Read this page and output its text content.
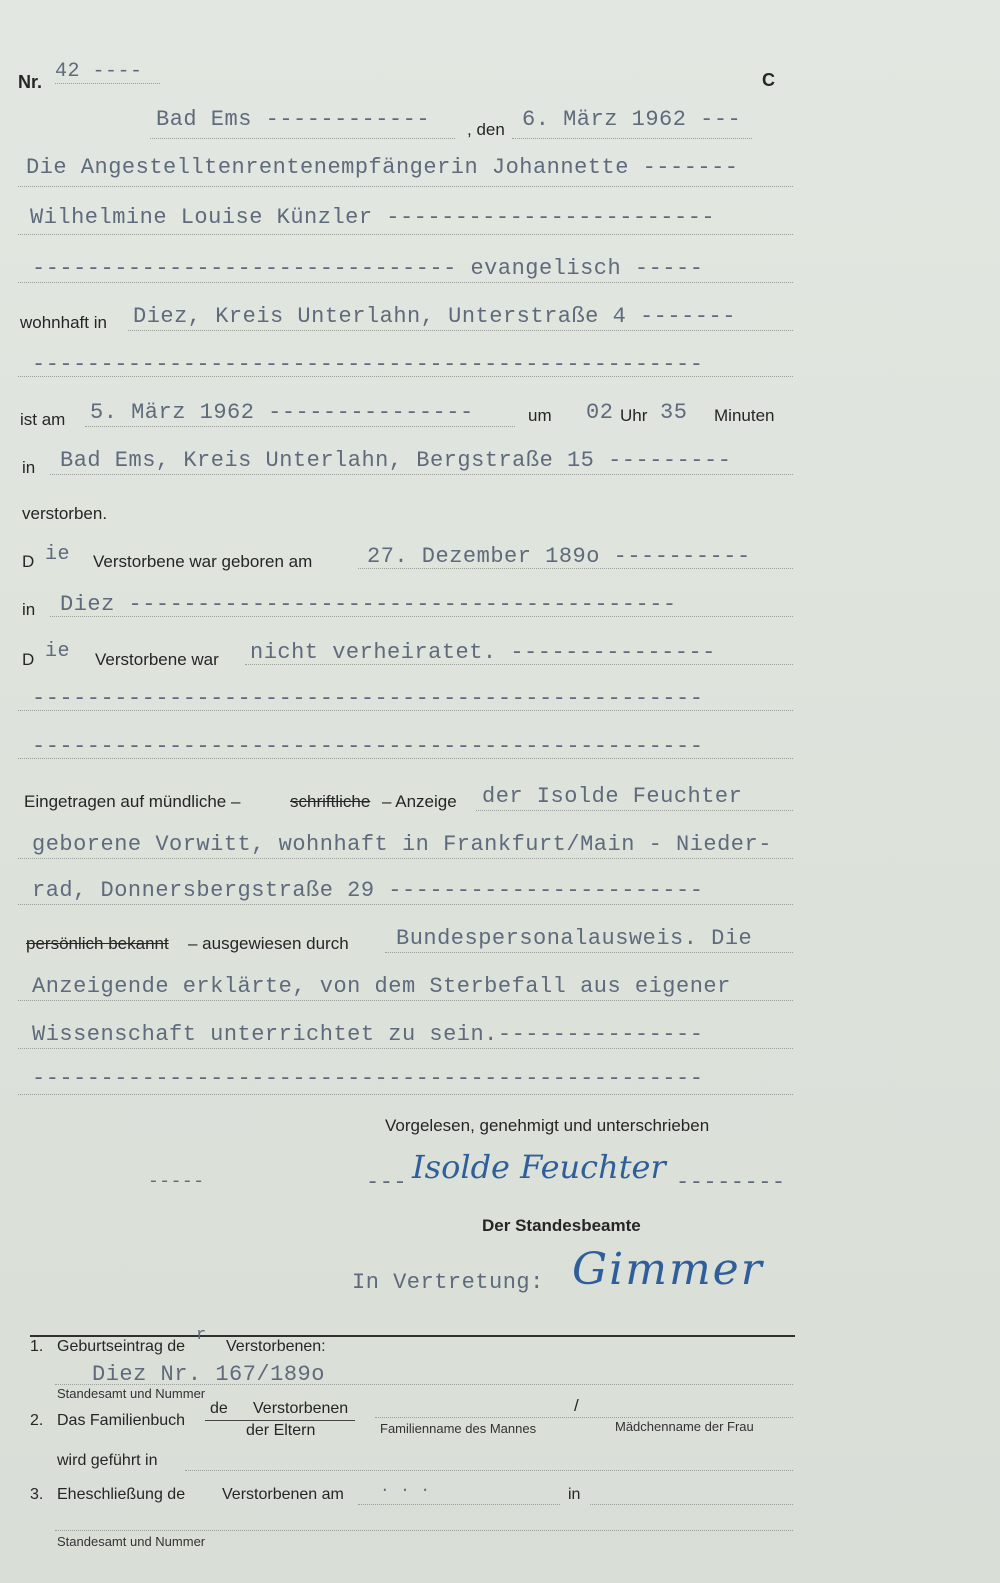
Nr. 42 ----	C
Bad Ems ------------ , den 6. März 1962 ---
Die Angestelltenrentenempfängerin Johannette -------
Wilhelmine Louise Künzler ------------------------
------------------------------- evangelisch -----
wohnhaft in Diez, Kreis Unterlahn, Unterstraße 4 -------
-------------------------------------------------
ist am 5. März 1962 ---------------	um 02 Uhr 35 Minuten
in Bad Ems, Kreis Unterlahn, Bergstraße 15 ---------
verstorben.
D ie Verstorbene war geboren am 27. Dezember 189o ----------
in Diez ----------------------------------------
D ie Verstorbene war nicht verheiratet. ---------------
-------------------------------------------------
-------------------------------------------------
Eingetragen auf mündliche –	schriftliche – Anzeige der Isolde Feuchter
geborene Vorwitt, wohnhaft in Frankfurt/Main - Nieder-
rad, Donnersbergstraße 29 -----------------------
persönlich bekannt – ausgewiesen durch Bundespersonalausweis. Die
Anzeigende erklärte, von dem Sterbefall aus eigener
Wissenschaft unterrichtet zu sein.---------------
-------------------------------------------------
Vorgelesen, genehmigt und unterschrieben
-----	--- Isolde Feuchter --------
Der Standesbeamte
In Vertretung: Gimmer
1. Geburtseintrag de
r
Verstorbenen:
Diez Nr. 167/189o
Standesamt und Nummer
2. Das Familienbuch
de Verstorbenen
der Eltern
/
Familienname des Mannes	Mädchenname der Frau
wird geführt in
3. Eheschließung de Verstorbenen am . . .	in
Standesamt und Nummer
